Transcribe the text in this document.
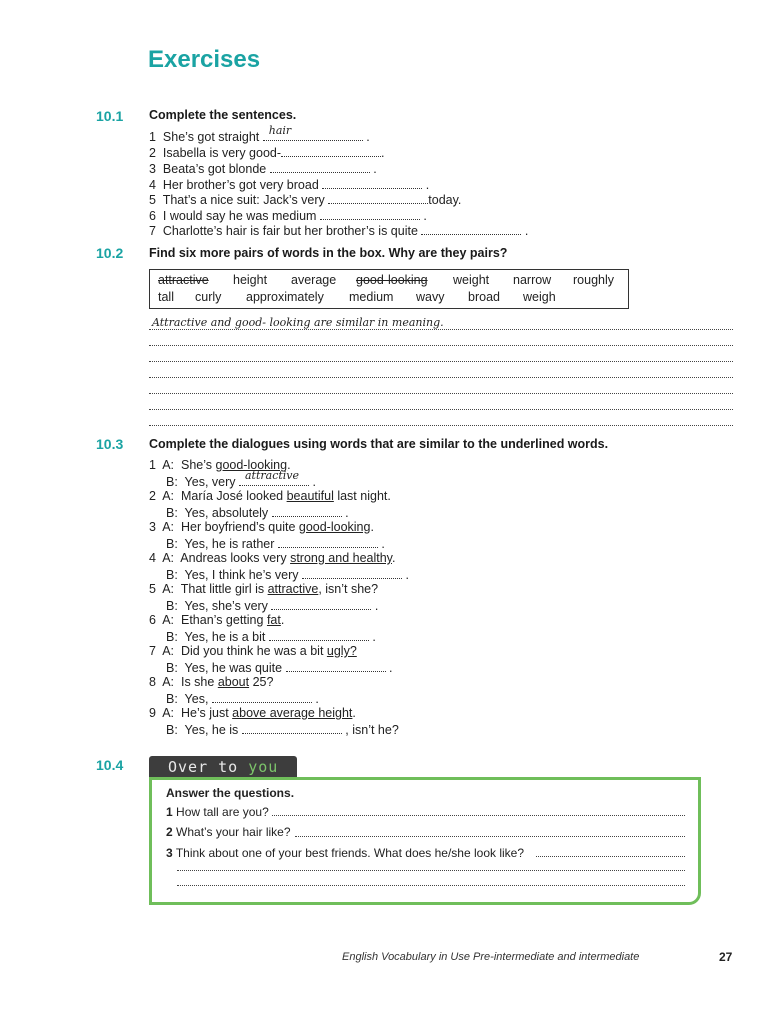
Exercises
10.1 Complete the sentences.
1 She’s got straight hair	.
2 Isabella is very good-	.
3 Beata’s got blonde	.
4 Her brother’s got very broad	.
5 That’s a nice suit: Jack’s very	today.
6 I would say he was medium	.
7 Charlotte’s hair is fair but her brother’s is quite	.
10.2 Find six more pairs of words in the box. Why are they pairs?
attractive height average good-looking weight narrow roughly
tall curly approximately medium wavy broad weigh
Attractive and good- looking are similar in meaning.
10.3 Complete the dialogues using words that are similar to the underlined words.
1 A: She’s good-looking.
B: Yes, very attractive .
2 A: María José looked beautiful last night.
B: Yes, absolutely	.
3 A: Her boyfriend’s quite good-looking.
B: Yes, he is rather	.
4 A: Andreas looks very strong and healthy.
B: Yes, I think he’s very	.
5 A: That little girl is attractive, isn’t she?
B: Yes, she’s very	.
6 A: Ethan’s getting fat.
B: Yes, he is a bit	.
7 A: Did you think he was a bit ugly?
B: Yes, he was quite	.
8 A: Is she about 25?
B: Yes,	.
9 A: He’s just above average height.
B: Yes, he is	, isn’t he?
10.4	Over to you
Answer the questions.
1 How tall are you?
2 What’s your hair like?
3 Think about one of your best friends. What does he/she look like?
English Vocabulary in Use Pre-intermediate and intermediate	27
